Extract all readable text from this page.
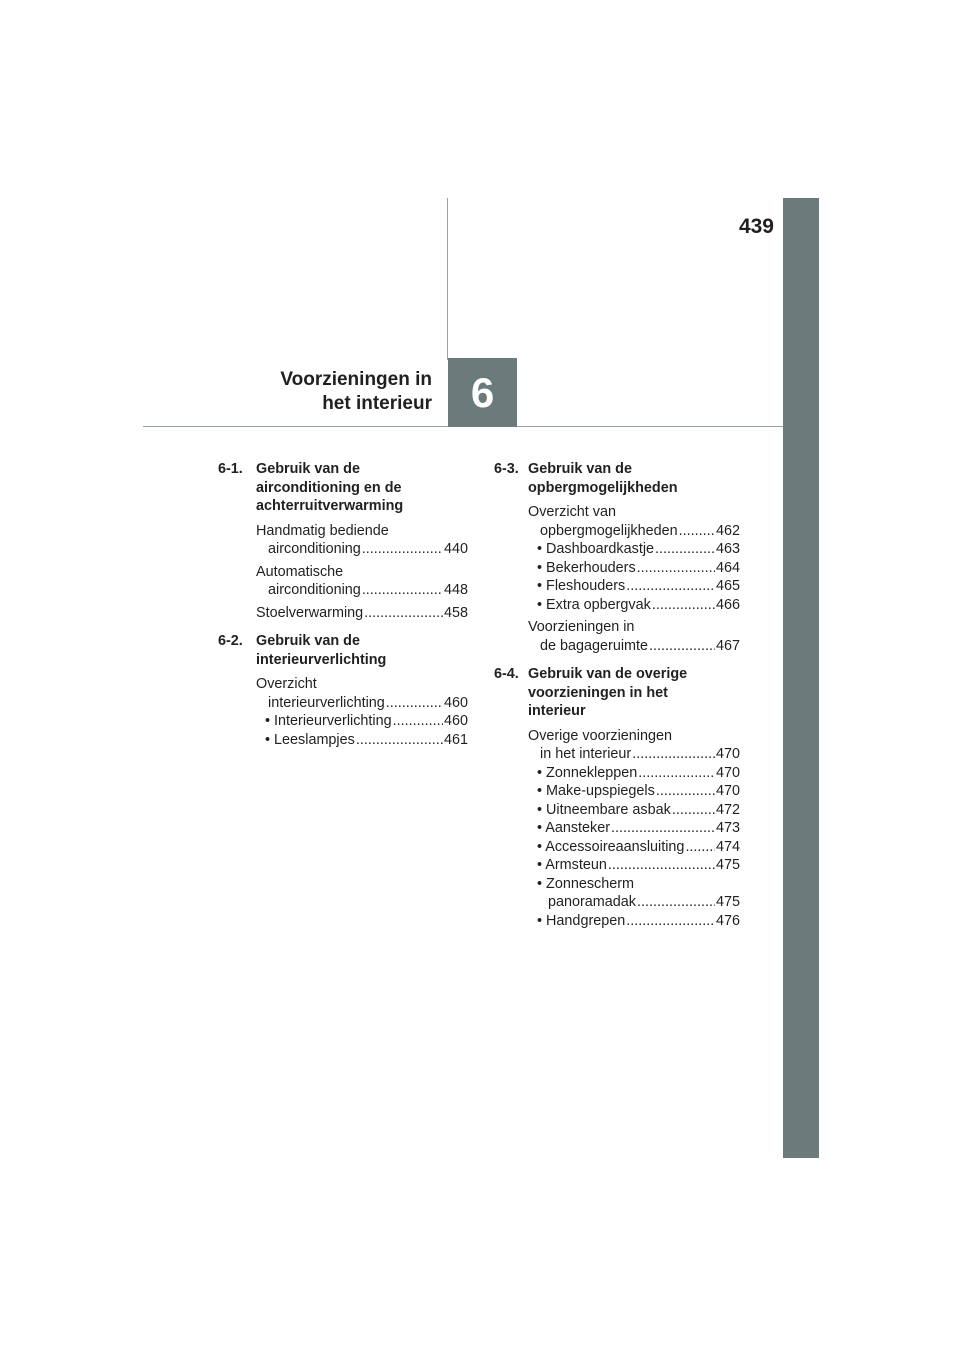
439
6
Voorzieningen in
het interieur
6-1. Gebruik van de
airconditioning en de
achterruitverwarming
Handmatig bediende
airconditioning .....	440
Automatische
airconditioning .....	448
Stoelverwarming .....	458
6-2. Gebruik van de
interieurverlichting
Overzicht
interieurverlichting .....	460
• Interieurverlichting .....	460
• Leeslampjes .....	461
6-3. Gebruik van de
opbergmogelijkheden
Overzicht van
opbergmogelijkheden .....	462
• Dashboardkastje .....	463
• Bekerhouders .....	464
• Fleshouders .....	465
• Extra opbergvak .....	466
Voorzieningen in
de bagageruimte .....	467
6-4. Gebruik van de overige
voorzieningen in het
interieur
Overige voorzieningen
in het interieur .....	470
• Zonnekleppen .....	470
• Make-upspiegels .....	470
• Uitneembare asbak .....	472
• Aansteker .....	473
• Accessoireaansluiting ..... 474
• Armsteun .....	475
• Zonnescherm
panoramadak .....	475
• Handgrepen .....	476
